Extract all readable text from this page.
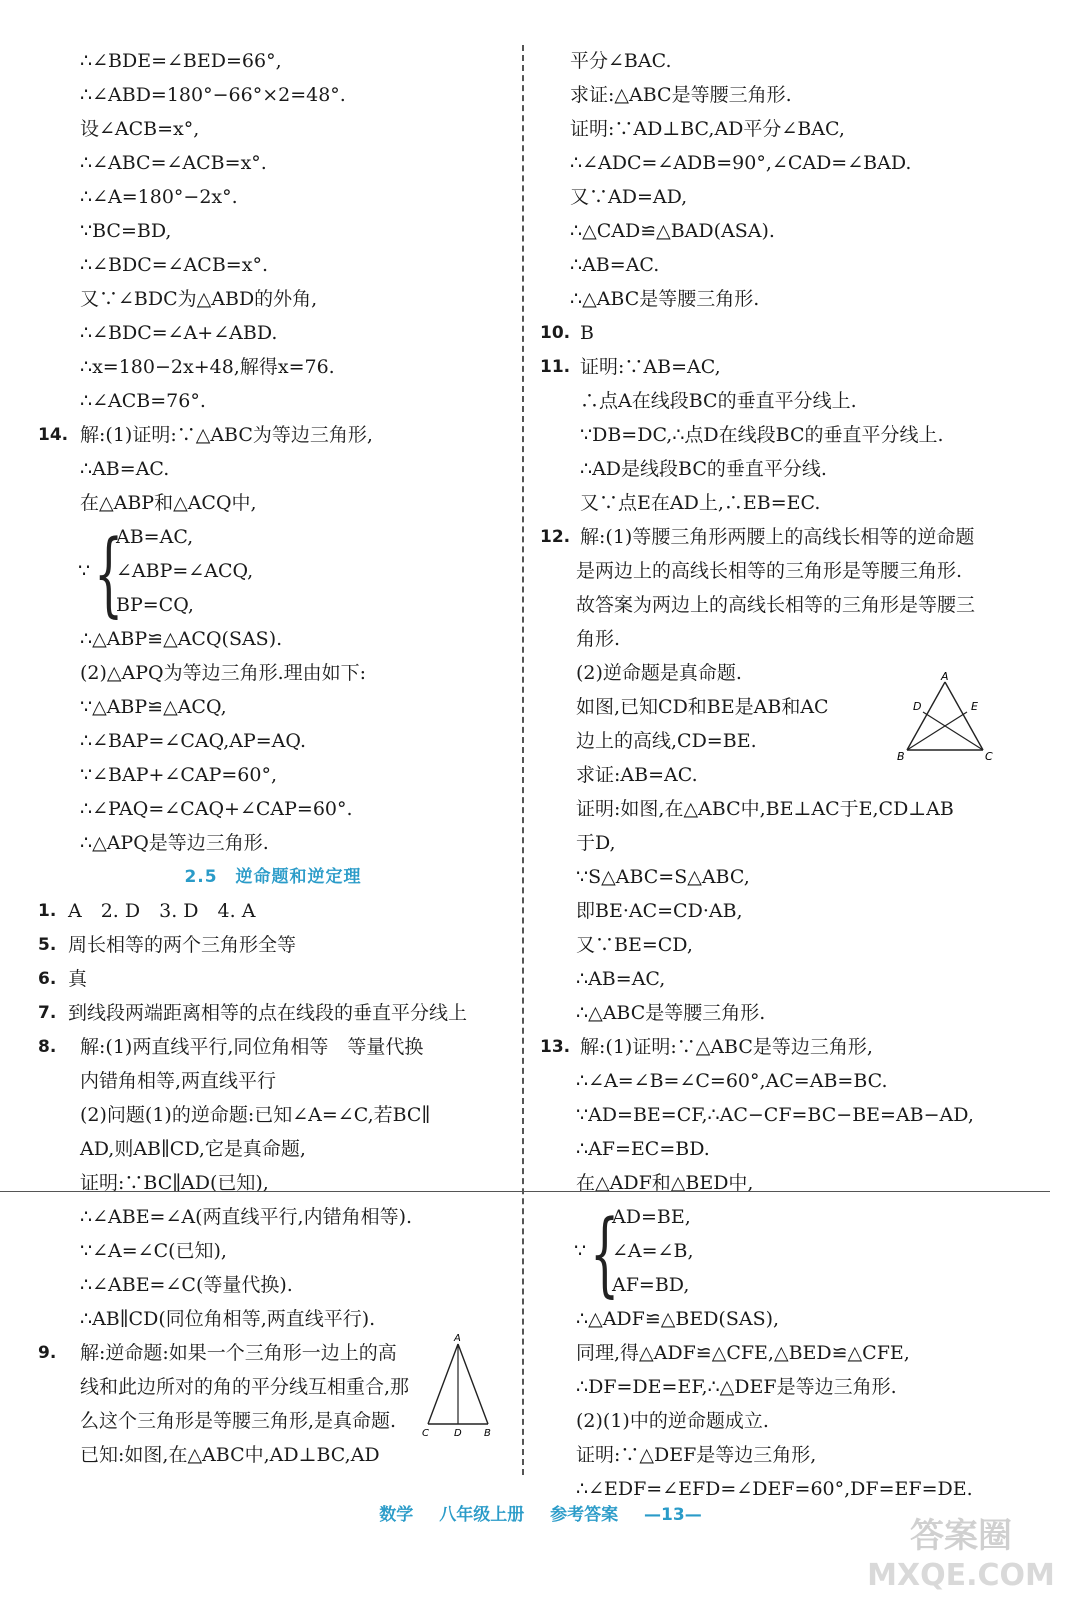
∴∠BDE=∠BED=66°,
∴∠ABD=180°−66°×2=48°.
设∠ACB=x°,
∴∠ABC=∠ACB=x°.
∴∠A=180°−2x°.
∵BC=BD,
∴∠BDC=∠ACB=x°.
又∵∠BDC为△ABD的外角,
∴∠BDC=∠A+∠ABD.
∴x=180−2x+48,解得x=76.
∴∠ACB=76°.
14. 解:(1)证明:∵△ABC为等边三角形,
∴AB=AC.
在△ABP和△ACQ中,
∵ {
AB=AC,
∠ABP=∠ACQ,
BP=CQ,
∴△ABP≌△ACQ(SAS).
(2)△APQ为等边三角形.理由如下:
∵△ABP≌△ACQ,
∴∠BAP=∠CAQ,AP=AQ.
∵∠BAP+∠CAP=60°,
∴∠PAQ=∠CAQ+∠CAP=60°.
∴△APQ是等边三角形.
2.5　逆命题和逆定理
1. A　2. D　3. D　4. A
5. 周长相等的两个三角形全等
6. 真
7. 到线段两端距离相等的点在线段的垂直平分线上
8. 解:(1)两直线平行,同位角相等　等量代换
内错角相等,两直线平行
(2)问题(1)的逆命题:已知∠A=∠C,若BC∥
AD,则AB∥CD,它是真命题,
证明:∵BC∥AD(已知),
∴∠ABE=∠A(两直线平行,内错角相等).
∵∠A=∠C(已知),
∴∠ABE=∠C(等量代换).
∴AB∥CD(同位角相等,两直线平行).
9. 解:逆命题:如果一个三角形一边上的高
线和此边所对的角的平分线互相重合,那
么这个三角形是等腰三角形,是真命题.
已知:如图,在△ABC中,AD⊥BC,AD
平分∠BAC.
求证:△ABC是等腰三角形.
证明:∵AD⊥BC,AD平分∠BAC,
∴∠ADC=∠ADB=90°,∠CAD=∠BAD.
又∵AD=AD,
∴△CAD≌△BAD(ASA).
∴AB=AC.
∴△ABC是等腰三角形.
10. B
11. 证明:∵AB=AC,
∴点A在线段BC的垂直平分线上.
∵DB=DC,∴点D在线段BC的垂直平分线上.
∴AD是线段BC的垂直平分线.
又∵点E在AD上,∴EB=EC.
12. 解:(1)等腰三角形两腰上的高线长相等的逆命题
是两边上的高线长相等的三角形是等腰三角形.
故答案为两边上的高线长相等的三角形是等腰三
角形.
(2)逆命题是真命题.
如图,已知CD和BE是AB和AC
边上的高线,CD=BE.
求证:AB=AC.
证明:如图,在△ABC中,BE⊥AC于E,CD⊥AB
于D,
∵S△ABC=S△ABC,
即BE·AC=CD·AB,
又∵BE=CD,
∴AB=AC,
∴△ABC是等腰三角形.
13. 解:(1)证明:∵△ABC是等边三角形,
∴∠A=∠B=∠C=60°,AC=AB=BC.
∵AD=BE=CF,∴AC−CF=BC−BE=AB−AD,
∴AF=EC=BD.
在△ADF和△BED中,
∵ {
AD=BE,
∠A=∠B,
AF=BD,
∴△ADF≌△BED(SAS),
同理,得△ADF≌△CFE,△BED≌△CFE,
∴DF=DE=EF,∴△DEF是等边三角形.
(2)(1)中的逆命题成立.
证明:∵△DEF是等边三角形,
∴∠EDF=∠EFD=∠DEF=60°,DF=EF=DE.
A
D	E
B	C
A
C	D B
数学 八年级上册 参考答案 —13—
答案圈
MXQE.COM
